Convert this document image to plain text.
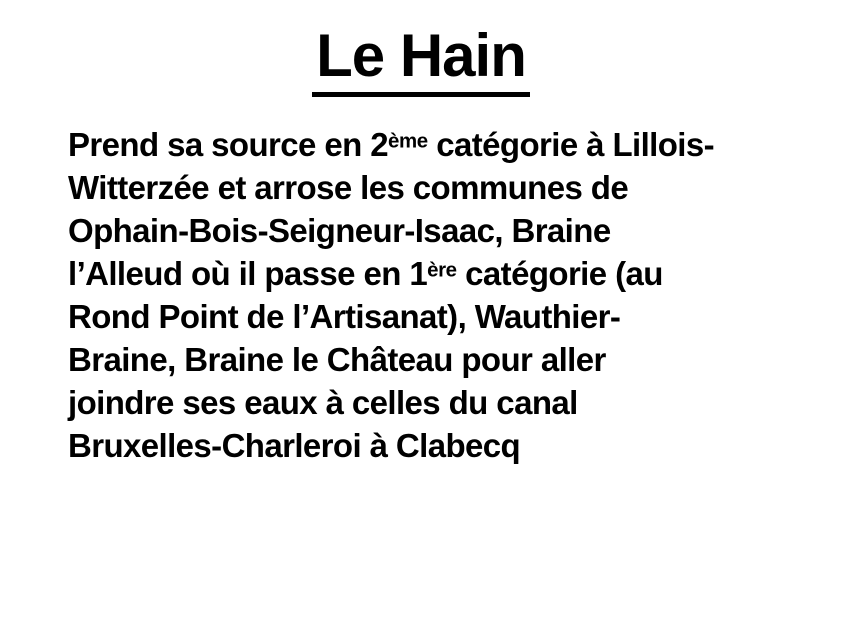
Le Hain
Prend sa source en 2ème catégorie à Lillois-
Witterzée et arrose les communes de
Ophain-Bois-Seigneur-Isaac, Braine
l’Alleud où il passe en 1ère catégorie (au
Rond Point de l’Artisanat), Wauthier-
Braine, Braine le Château pour aller
joindre ses eaux à celles du canal
Bruxelles-Charleroi à Clabecq
